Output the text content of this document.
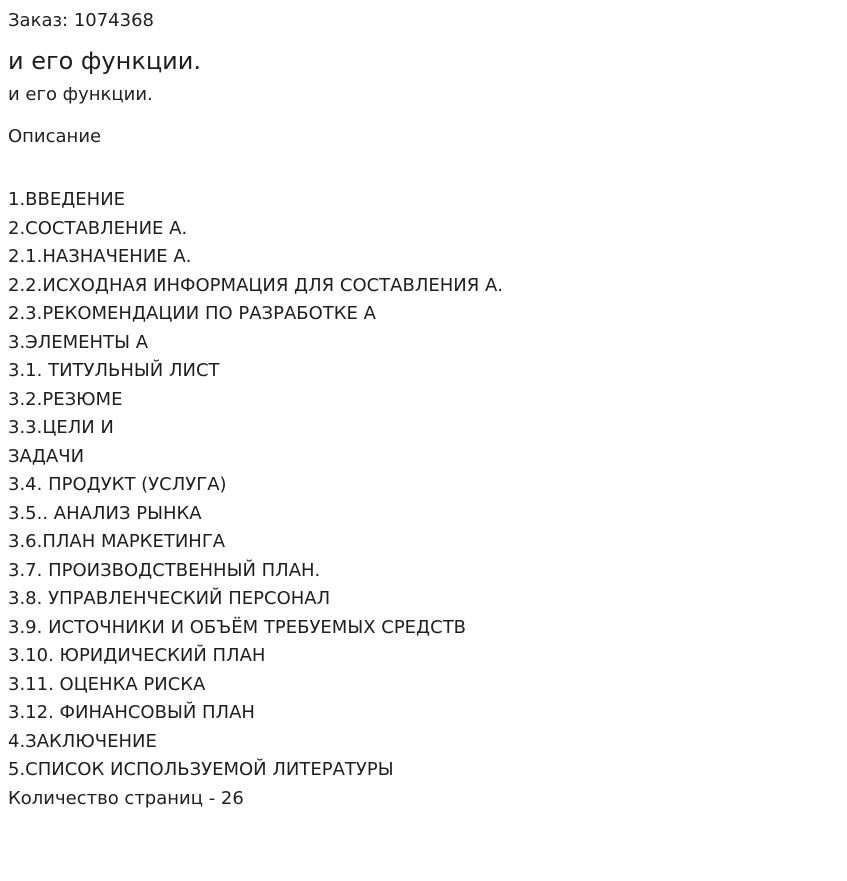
Заказ: 1074368

и его функции.

и его функции.

Описание

1.ВВЕДЕНИЕ
2.СОСТАВЛЕНИЕ А.
2.1.НАЗНАЧЕНИЕ А.
2.2.ИСХОДНАЯ ИНФОРМАЦИЯ ДЛЯ СОСТАВЛЕНИЯ А.
2.3.РЕКОМЕНДАЦИИ ПО РАЗРАБОТКЕ А
3.ЭЛЕМЕНТЫ А
3.1. ТИТУЛЬНЫЙ ЛИСТ
3.2.РЕЗЮМЕ
3.3.ЦЕЛИ И
ЗАДАЧИ
3.4. ПРОДУКТ (УСЛУГА)
3.5.. АНАЛИЗ РЫНКА
3.6.ПЛАН МАРКЕТИНГА
3.7. ПРОИЗВОДСТВЕННЫЙ ПЛАН.
3.8. УПРАВЛЕНЧЕСКИЙ ПЕРСОНАЛ
3.9. ИСТОЧНИКИ И ОБЪЁМ ТРЕБУЕМЫХ СРЕДСТВ
3.10. ЮРИДИЧЕСКИЙ ПЛАН
3.11. ОЦЕНКА РИСКА
3.12. ФИНАНСОВЫЙ ПЛАН
4.ЗАКЛЮЧЕНИЕ
5.СПИСОК ИСПОЛЬЗУЕМОЙ ЛИТЕРАТУРЫ

Количество страниц - 26
